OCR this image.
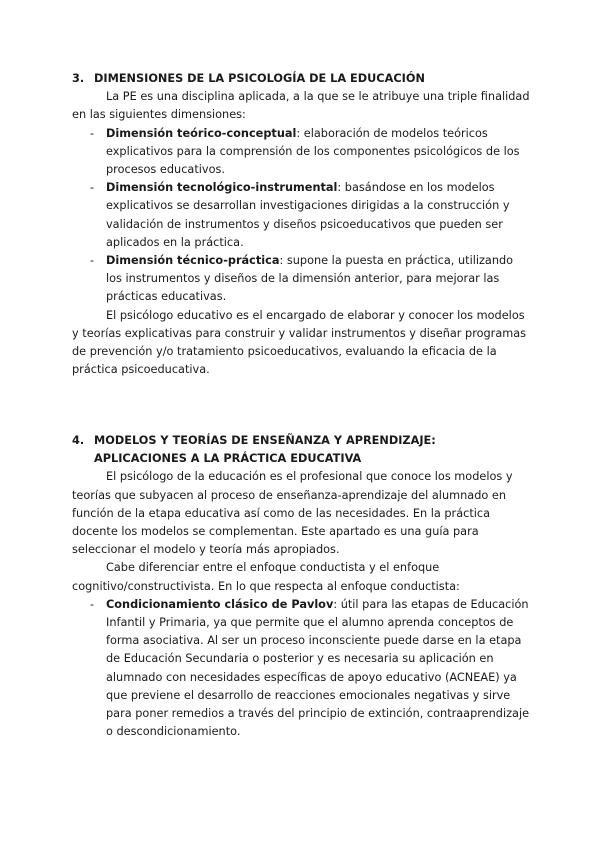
3. DIMENSIONES DE LA PSICOLOGÍA DE LA EDUCACIÓN
La PE es una disciplina aplicada, a la que se le atribuye una triple finalidad en las siguientes dimensiones:
- Dimensión teórico-conceptual: elaboración de modelos teóricos explicativos para la comprensión de los componentes psicológicos de los procesos educativos.
- Dimensión tecnológico-instrumental: basándose en los modelos explicativos se desarrollan investigaciones dirigidas a la construcción y validación de instrumentos y diseños psicoeducativos que pueden ser aplicados en la práctica.
- Dimensión técnico-práctica: supone la puesta en práctica, utilizando los instrumentos y diseños de la dimensión anterior, para mejorar las prácticas educativas.
El psicólogo educativo es el encargado de elaborar y conocer los modelos y teorías explicativas para construir y validar instrumentos y diseñar programas de prevención y/o tratamiento psicoeducativos, evaluando la eficacia de la práctica psicoeducativa.
4. MODELOS Y TEORÍAS DE ENSEÑANZA Y APRENDIZAJE: APLICACIONES A LA PRÁCTICA EDUCATIVA
El psicólogo de la educación es el profesional que conoce los modelos y teorías que subyacen al proceso de enseñanza-aprendizaje del alumnado en función de la etapa educativa así como de las necesidades. En la práctica docente los modelos se complementan. Este apartado es una guía para seleccionar el modelo y teoría más apropiados.
Cabe diferenciar entre el enfoque conductista y el enfoque cognitivo/constructivista. En lo que respecta al enfoque conductista:
- Condicionamiento clásico de Pavlov: útil para las etapas de Educación Infantil y Primaria, ya que permite que el alumno aprenda conceptos de forma asociativa. Al ser un proceso inconsciente puede darse en la etapa de Educación Secundaria o posterior y es necesaria su aplicación en alumnado con necesidades específicas de apoyo educativo (ACNEAE) ya que previene el desarrollo de reacciones emocionales negativas y sirve para poner remedios a través del principio de extinción, contraaprendizaje o descondicionamiento.
